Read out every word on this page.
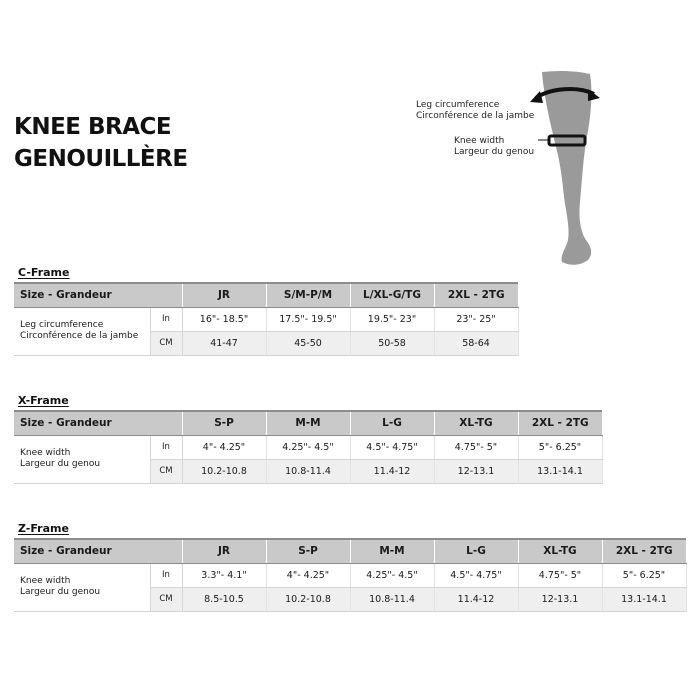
KNEE BRACE
GENOUILLÈRE
Leg circumference
Circonférence de la jambe
Knee width
Largeur du genou
C-Frame
Size - Grandeur		JR	S/M-P/M	L/XL-G/TG	2XL - 2TG

Leg circumference
Circonférence de la jambe	In	16"- 18.5"	17.5"- 19.5"	19.5"- 23"	23"- 25"
	CM	41-47	45-50	50-58	58-64
X-Frame
Size - Grandeur		S-P	M-M	L-G	XL-TG	2XL - 2TG

Knee width
Largeur du genou	In	4"- 4.25"	4.25"- 4.5"	4.5"- 4.75"	4.75"- 5"	5"- 6.25"
	CM	10.2-10.8	10.8-11.4	11.4-12	12-13.1	13.1-14.1
Z-Frame
Size - Grandeur		JR	S-P	M-M	L-G	XL-TG	2XL - 2TG

Knee width
Largeur du genou	In	3.3"- 4.1"	4"- 4.25"	4.25"- 4.5"	4.5"- 4.75"	4.75"- 5"	5"- 6.25"
	CM	8.5-10.5	10.2-10.8	10.8-11.4	11.4-12	12-13.1	13.1-14.1
